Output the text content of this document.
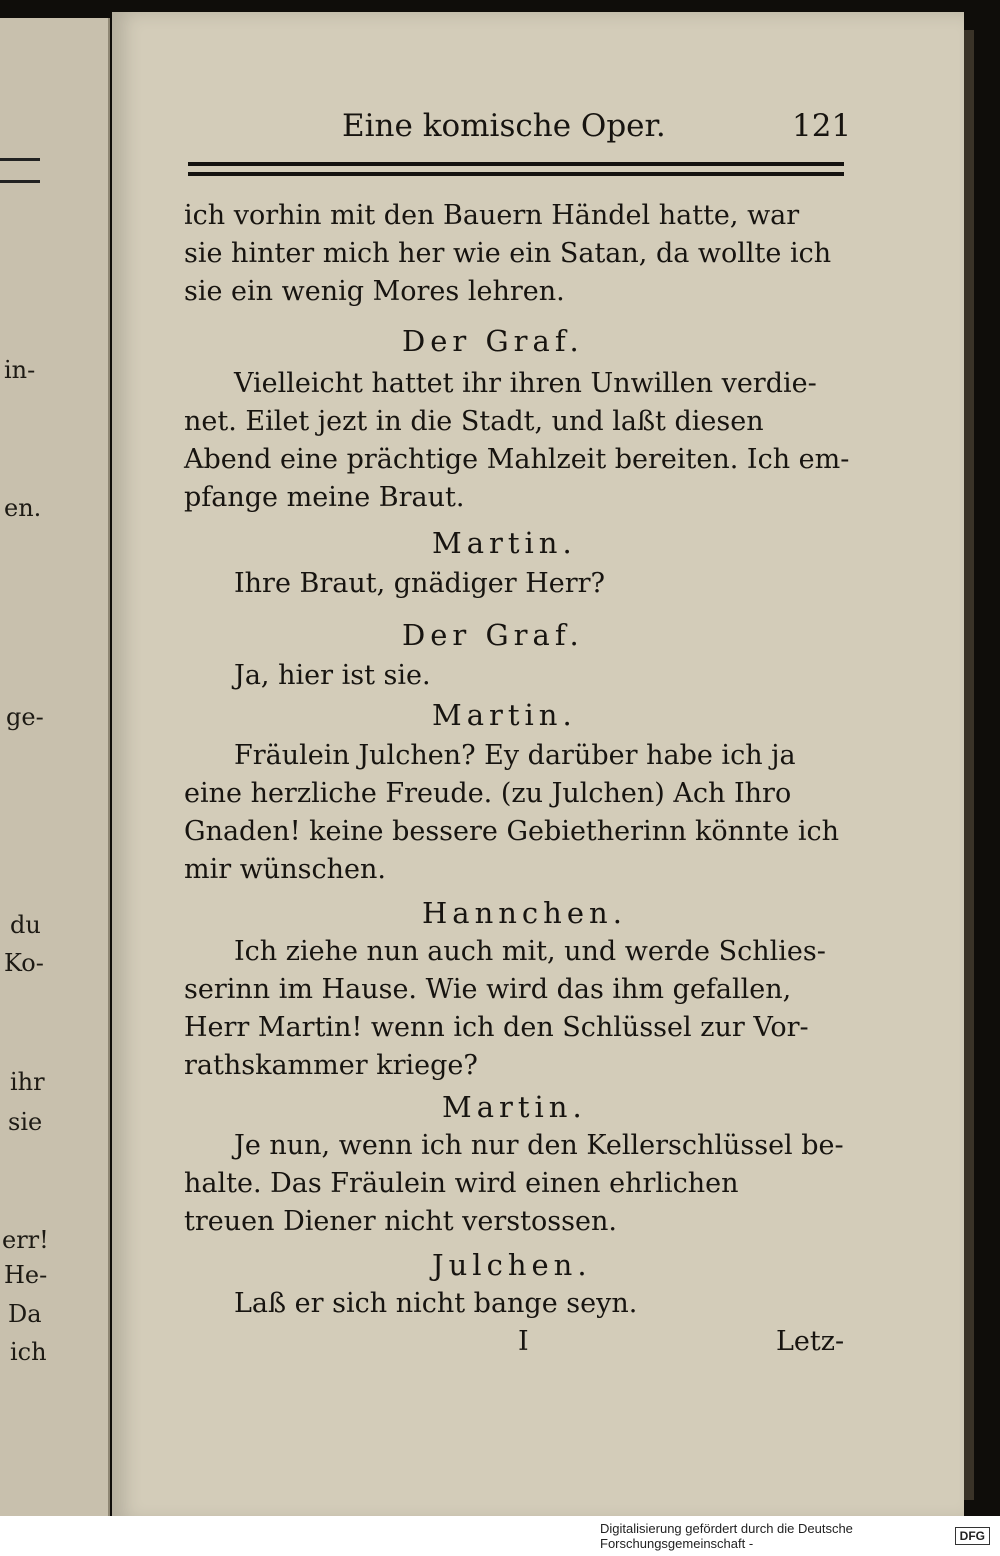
in-
en.
ge-
du
Ko-
ihr
sie
err!
He-
Da
ich
Eine komische Oper.	121
ich vorhin mit den Bauern Händel hatte, war
sie hinter mich her wie ein Satan, da wollte ich
sie ein wenig Mores lehren.
Der Graf.
Vielleicht hattet ihr ihren Unwillen verdie-
net. Eilet jezt in die Stadt, und laßt diesen
Abend eine prächtige Mahlzeit bereiten. Ich em-
pfange meine Braut.
Martin.
Ihre Braut, gnädiger Herr?
Der Graf.
Ja, hier ist sie.
Martin.
Fräulein Julchen? Ey darüber habe ich ja
eine herzliche Freude. (zu Julchen) Ach Ihro
Gnaden! keine bessere Gebietherinn könnte ich
mir wünschen.
Hannchen.
Ich ziehe nun auch mit, und werde Schlies-
serinn im Hause. Wie wird das ihm gefallen,
Herr Martin! wenn ich den Schlüssel zur Vor-
rathskammer kriege?
Martin.
Je nun, wenn ich nur den Kellerschlüssel be-
halte. Das Fräulein wird einen ehrlichen
treuen Diener nicht verstossen.
Julchen.
Laß er sich nicht bange seyn.
I	Letz-
Digitalisierung gefördert durch die Deutsche Forschungsgemeinschaft -	DFG
